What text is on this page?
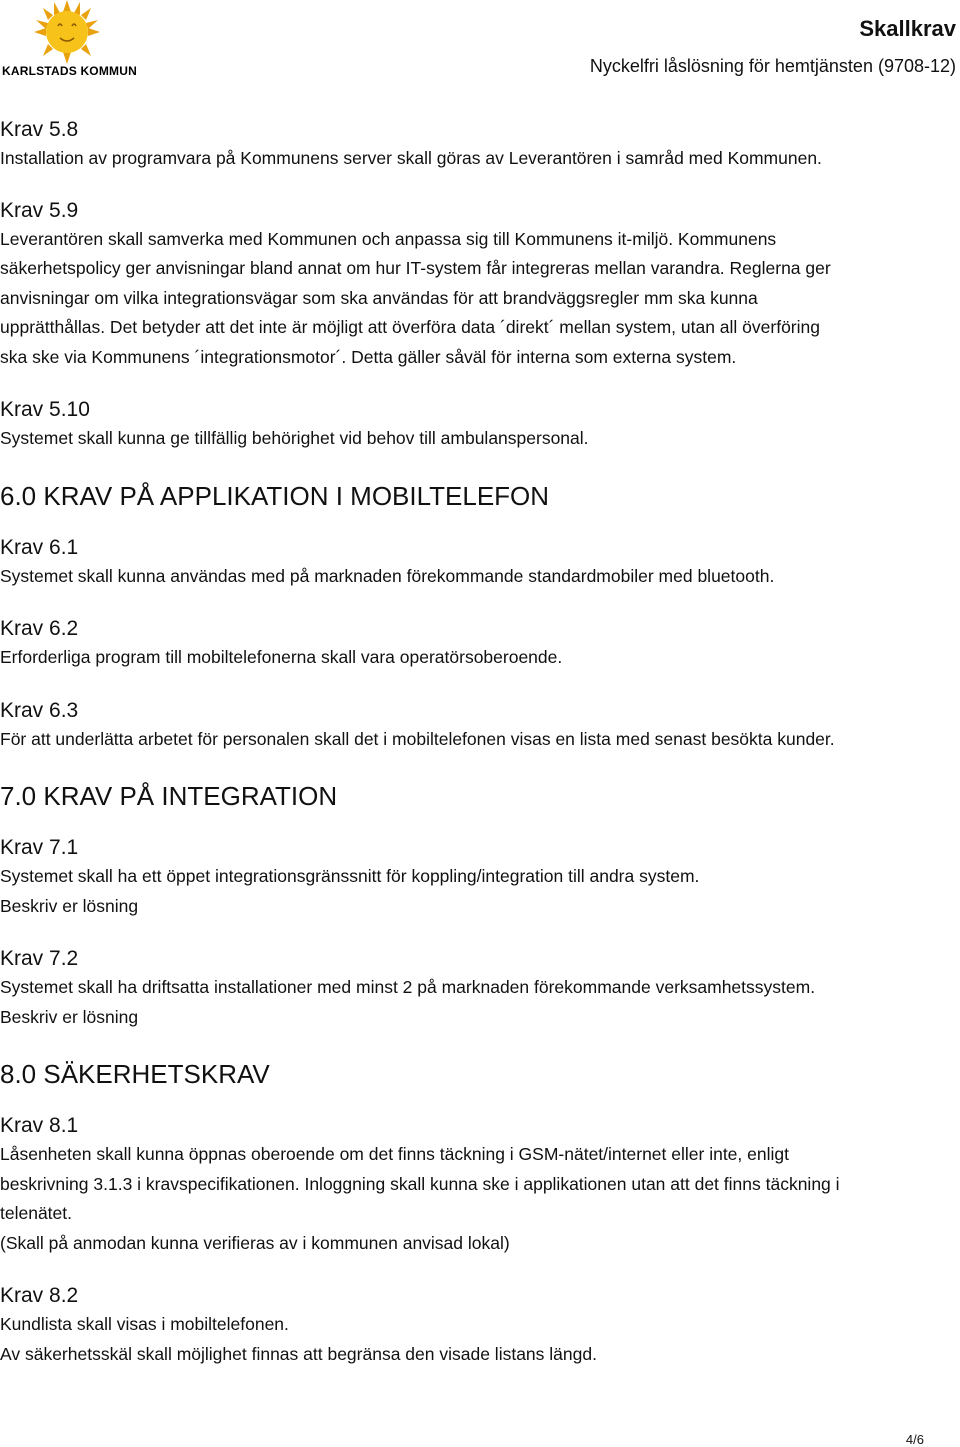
KARLSTADS KOMMUN
Skallkrav
Nyckelfri låslösning för hemtjänsten (9708-12)
Krav 5.8
Installation av programvara på Kommunens server skall göras av Leverantören i samråd med Kommunen.
Krav 5.9
Leverantören skall samverka med Kommunen och anpassa sig till Kommunens it-miljö. Kommunens
säkerhetspolicy ger anvisningar bland annat om hur IT-system får integreras mellan varandra. Reglerna ger
anvisningar om vilka integrationsvägar som ska användas för att brandväggsregler mm ska kunna
upprätthållas. Det betyder att det inte är möjligt att överföra data ´direkt´ mellan system, utan all överföring
ska ske via Kommunens ´integrationsmotor´. Detta gäller såväl för interna som externa system.
Krav 5.10
Systemet skall kunna ge tillfällig behörighet vid behov till ambulanspersonal.
6.0 KRAV PÅ APPLIKATION I MOBILTELEFON
Krav 6.1
Systemet skall kunna användas med på marknaden förekommande standardmobiler med bluetooth.
Krav 6.2
Erforderliga program till mobiltelefonerna skall vara operatörsoberoende.
Krav 6.3
För att underlätta arbetet för personalen skall det i mobiltelefonen visas en lista med senast besökta kunder.
7.0 KRAV PÅ INTEGRATION
Krav 7.1
Systemet skall ha ett öppet integrationsgränssnitt för koppling/integration till andra system.
Beskriv er lösning
Krav 7.2
Systemet skall ha driftsatta installationer med minst 2 på marknaden förekommande verksamhetssystem.
Beskriv er lösning
8.0 SÄKERHETSKRAV
Krav 8.1
Låsenheten skall kunna öppnas oberoende om det finns täckning i GSM-nätet/internet eller inte, enligt
beskrivning 3.1.3 i kravspecifikationen. Inloggning skall kunna ske i applikationen utan att det finns täckning i
telenätet.
(Skall på anmodan kunna verifieras av i kommunen anvisad lokal)
Krav 8.2
Kundlista skall visas i mobiltelefonen.
Av säkerhetsskäl skall möjlighet finnas att begränsa den visade listans längd.
4/6
